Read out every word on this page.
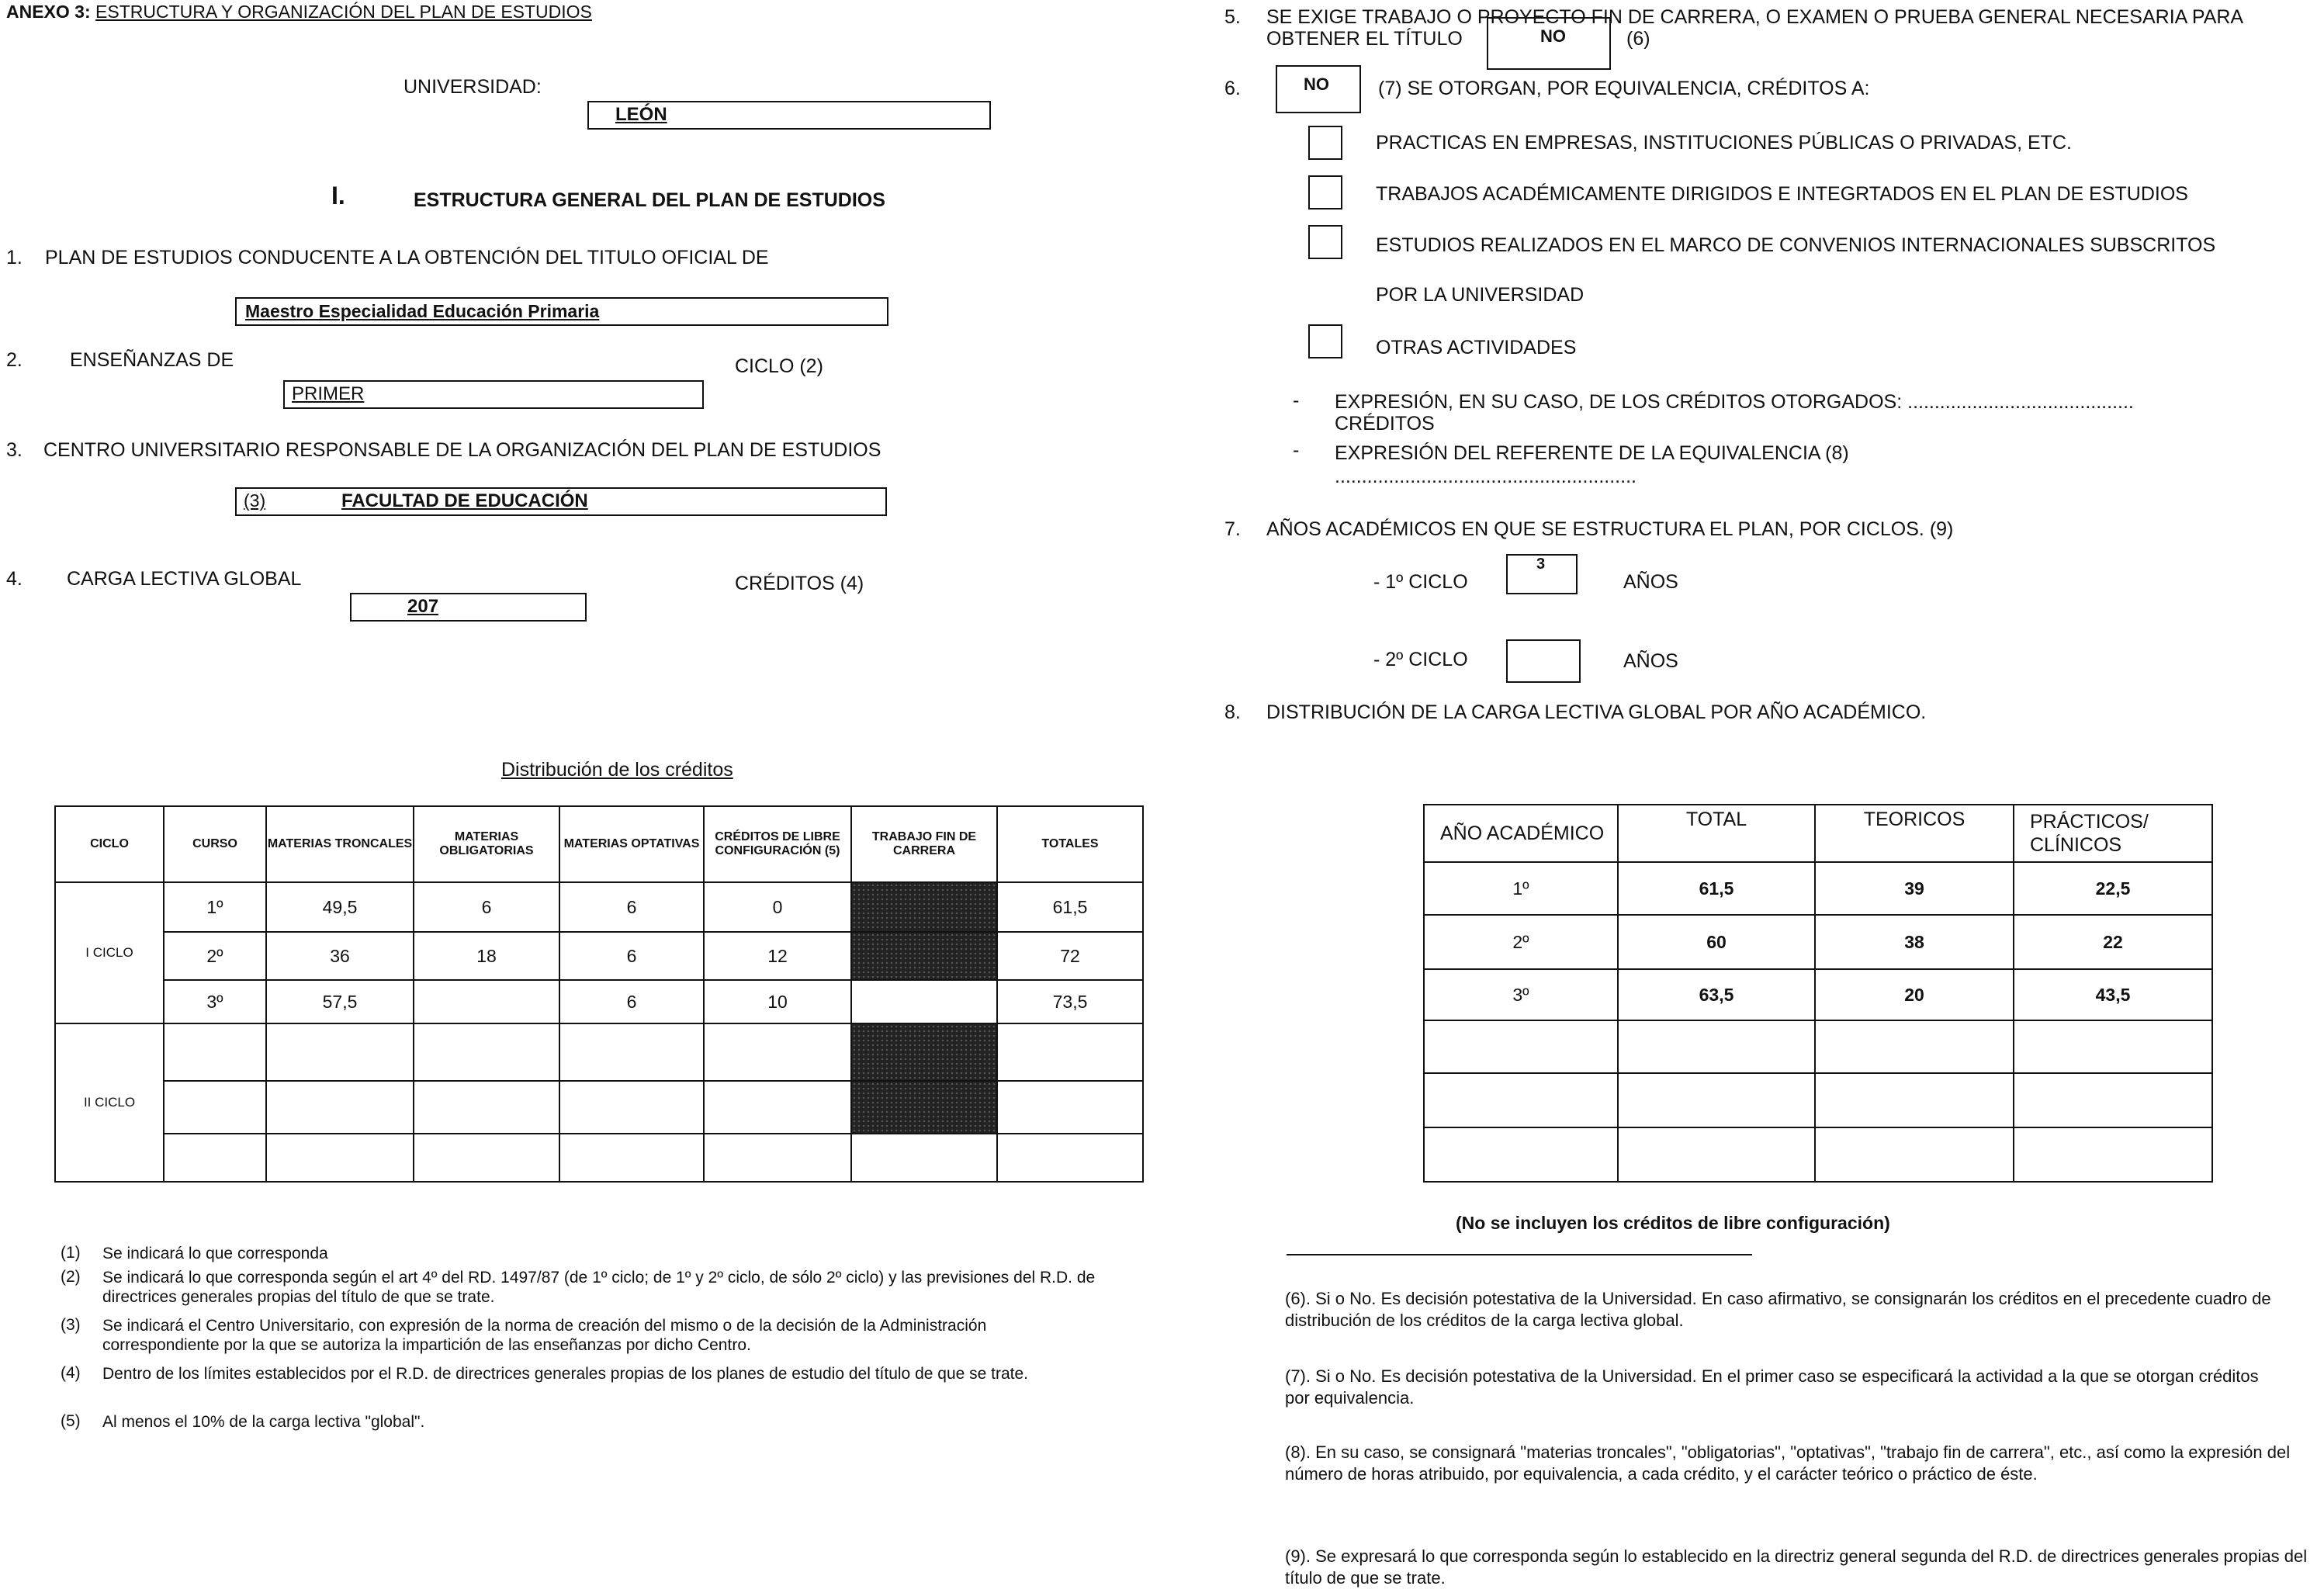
ANEXO 3: ESTRUCTURA Y ORGANIZACIÓN DEL PLAN DE ESTUDIOS
UNIVERSIDAD:
LEÓN
I.	ESTRUCTURA GENERAL DEL PLAN DE ESTUDIOS
1. PLAN DE ESTUDIOS CONDUCENTE A LA OBTENCIÓN DEL TITULO OFICIAL DE
Maestro Especialidad Educación Primaria
2. ENSEÑANZAS DE	CICLO (2)
PRIMER
3. CENTRO UNIVERSITARIO RESPONSABLE DE LA ORGANIZACIÓN DEL PLAN DE ESTUDIOS
(3)	FACULTAD DE EDUCACIÓN
4. CARGA LECTIVA GLOBAL	CRÉDITOS (4)
207
Distribución de los créditos
CICLO	CURSO	MATERIAS TRONCALES	MATERIAS OBLIGATORIAS	MATERIAS OPTATIVAS	CRÉDITOS DE LIBRE CONFIGURACIÓN (5)	TRABAJO FIN DE CARRERA	TOTALES
I CICLO	1º	49,5	6	6	0		61,5
	2º	36	18	6	12		72
	3º	57,5		6	10		73,5
II CICLO							

(1) Se indicará lo que corresponda
(2) Se indicará lo que corresponda según el art 4º del RD. 1497/87 (de 1º ciclo; de 1º y 2º ciclo, de sólo 2º ciclo) y las previsiones del R.D. de directrices generales propias del título de que se trate.
(3) Se indicará el Centro Universitario, con expresión de la norma de creación del mismo o de la decisión de la Administración correspondiente por la que se autoriza la impartición de las enseñanzas por dicho Centro.
(4) Dentro de los límites establecidos por el R.D. de directrices generales propias de los planes de estudio del título de que se trate.
(5) Al menos el 10% de la carga lectiva "global".
5. SE EXIGE TRABAJO O PROYECTO FIN DE CARRERA, O EXAMEN O PRUEBA GENERAL NECESARIA PARA
OBTENER EL TÍTULO	NO	(6)
6.	NO	(7) SE OTORGAN, POR EQUIVALENCIA, CRÉDITOS A:
PRACTICAS EN EMPRESAS, INSTITUCIONES PÚBLICAS O PRIVADAS, ETC.
TRABAJOS ACADÉMICAMENTE DIRIGIDOS E INTEGRTADOS EN EL PLAN DE ESTUDIOS
ESTUDIOS REALIZADOS EN EL MARCO DE CONVENIOS INTERNACIONALES SUBSCRITOS
POR LA UNIVERSIDAD
OTRAS ACTIVIDADES
- EXPRESIÓN, EN SU CASO, DE LOS CRÉDITOS OTORGADOS: ..........................................
CRÉDITOS
- EXPRESIÓN DEL REFERENTE DE LA EQUIVALENCIA (8)
........................................................
7. AÑOS ACADÉMICOS EN QUE SE ESTRUCTURA EL PLAN, POR CICLOS. (9)
- 1º CICLO
3
AÑOS
- 2º CICLO	AÑOS
8. DISTRIBUCIÓN DE LA CARGA LECTIVA GLOBAL POR AÑO ACADÉMICO.
AÑO ACADÉMICO	TOTAL	TEORICOS	PRÁCTICOS/ CLÍNICOS
1º	61,5	39	22,5
2º	60	38	22
3º	63,5	20	43,5

(No se incluyen los créditos de libre configuración)
(6). Si o No. Es decisión potestativa de la Universidad. En caso afirmativo, se consignarán los créditos en el precedente cuadro de distribución de los créditos de la carga lectiva global.
(7). Si o No. Es decisión potestativa de la Universidad. En el primer caso se especificará la actividad a la que se otorgan créditos por equivalencia.
(8). En su caso, se consignará "materias troncales", "obligatorias", "optativas", "trabajo fin de carrera", etc., así como la expresión del número de horas atribuido, por equivalencia, a cada crédito, y el carácter teórico o práctico de éste.
(9). Se expresará lo que corresponda según lo establecido en la directriz general segunda del R.D. de directrices generales propias del título de que se trate.
